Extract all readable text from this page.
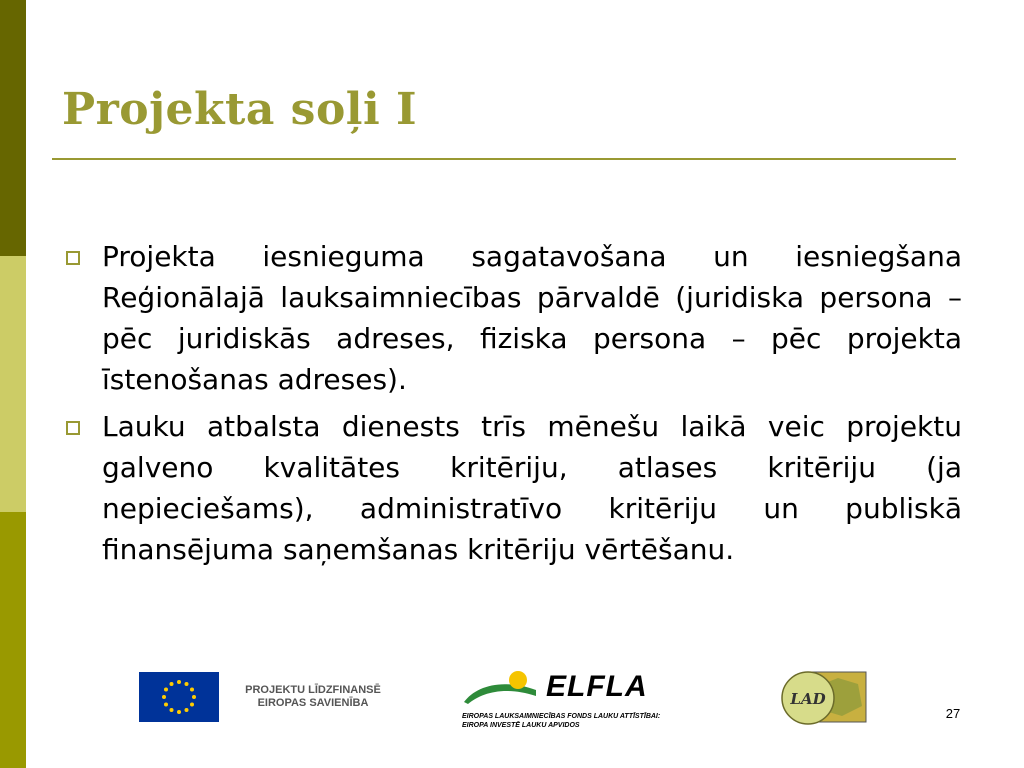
Projekta soļi I
Projekta iesnieguma sagatavošana un iesniegšana Reģionālajā lauksaimniecības pārvaldē (juridiska persona – pēc juridiskās adreses, fiziska persona – pēc projekta īstenošanas adreses).
Lauku atbalsta dienests trīs mēnešu laikā veic projektu galveno kvalitātes kritēriju, atlases kritēriju (ja nepieciešams), administratīvo kritēriju un publiskā finansējuma saņemšanas kritēriju vērtēšanu.
PROJEKTU LĪDZFINANSĒ
EIROPAS SAVIENĪBA	ELFLA
EIROPAS LAUKSAIMNIECĪBAS FONDS LAUKU ATTĪSTĪBAI:
EIROPA INVESTĒ LAUKU APVIDOS
LAD
27
